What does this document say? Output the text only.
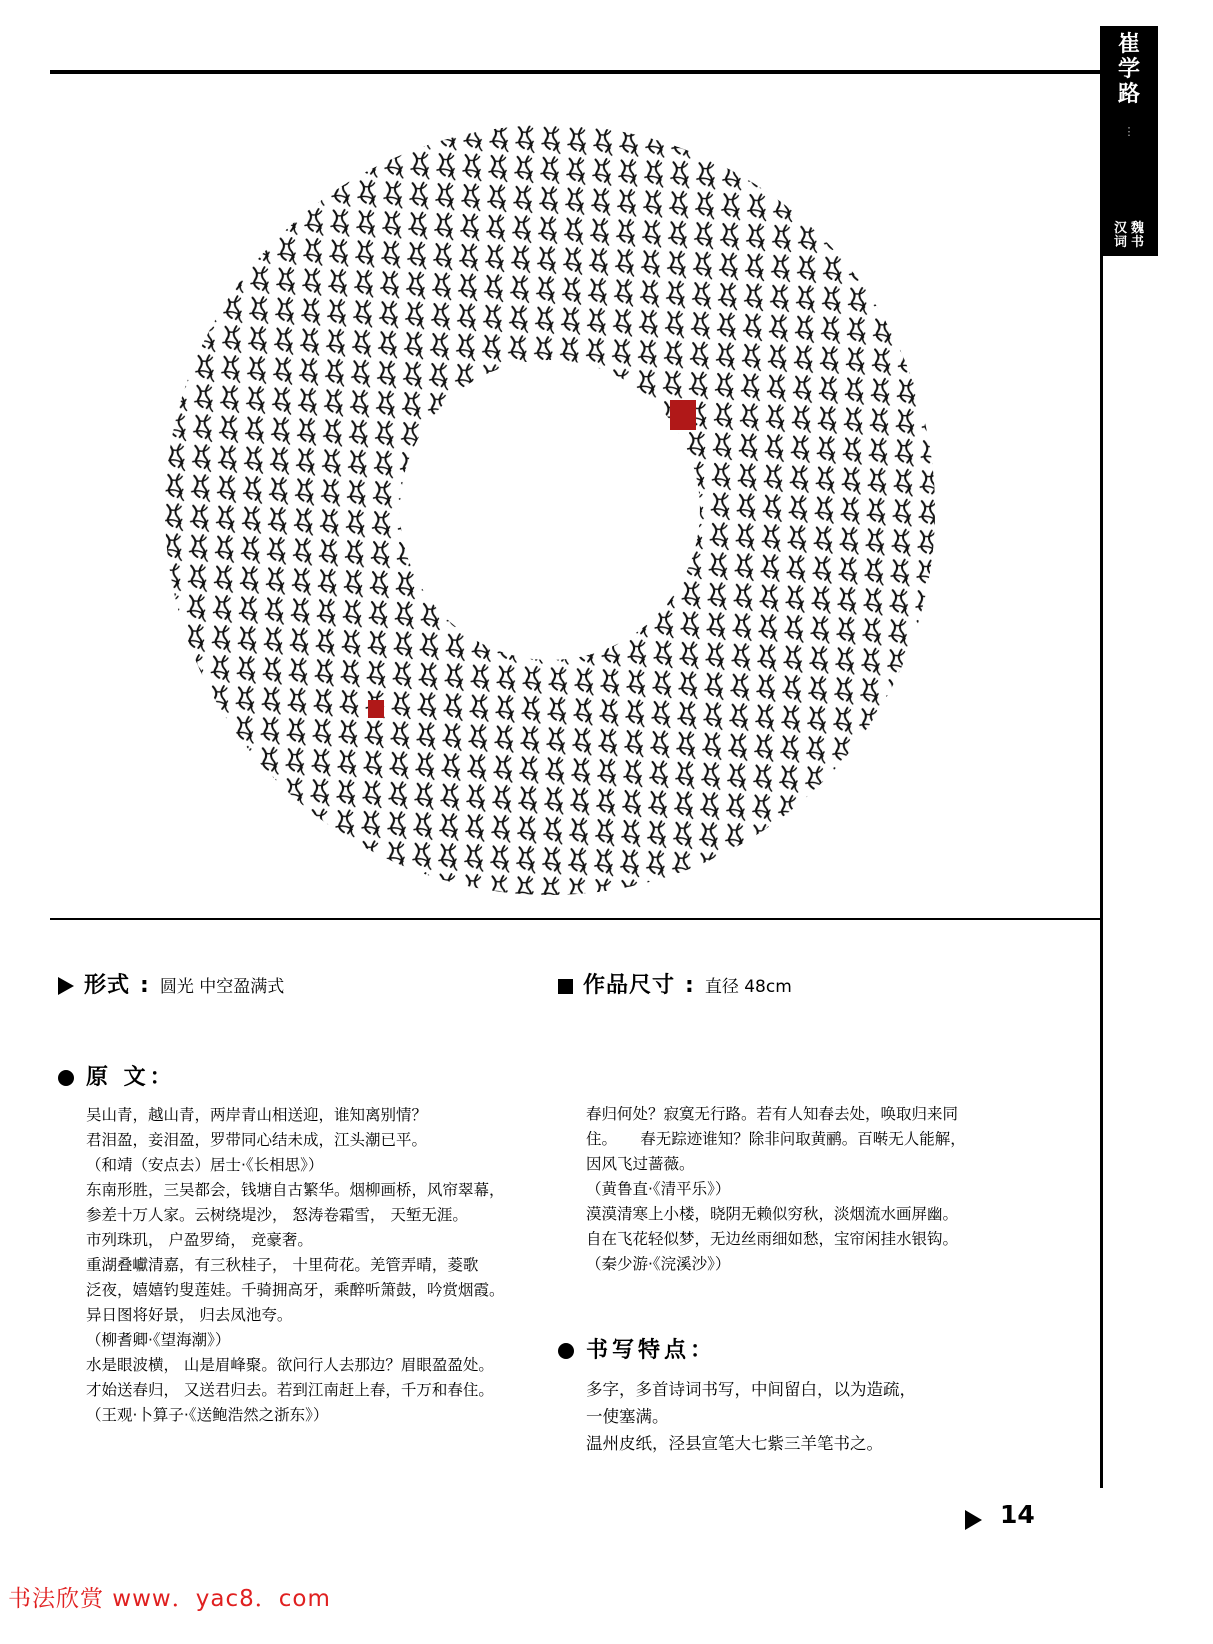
崔
学
路
⋮
魏书
汉词
形式 : 圆光 中空盈满式	作品尺寸 : 直径 48cm
原 文：

吴山青，越山青，两岸青山相送迎，谁知离别情？

君泪盈，妾泪盈，罗带同心结未成，江头潮已平。

（和靖（安点去）居士·《长相思》）

东南形胜，三吴都会，钱塘自古繁华。烟柳画桥，风帘翠幕，

参差十万人家。云树绕堤沙， 怒涛卷霜雪， 天堑无涯。

市列珠玑， 户盈罗绮， 竞豪奢。

重湖叠巘清嘉，有三秋桂子， 十里荷花。羌管弄晴，菱歌

泛夜，嬉嬉钓叟莲娃。千骑拥高牙，乘醉听箫鼓，吟赏烟霞。

异日图将好景， 归去凤池夸。

（柳耆卿·《望海潮》）

水是眼波横， 山是眉峰聚。欲问行人去那边？眉眼盈盈处。

才始送春归， 又送君归去。若到江南赶上春，千万和春住。

（王观·卜算子·《送鲍浩然之浙东》）

春归何处？寂寞无行路。若有人知春去处，唤取归来同

住。　　春无踪迹谁知？除非问取黄鹂。百啭无人能解，

因风飞过蔷薇。

（黄鲁直·《清平乐》）

漠漠清寒上小楼，晓阴无赖似穷秋，淡烟流水画屏幽。

自在飞花轻似梦，无边丝雨细如愁，宝帘闲挂水银钩。

（秦少游·《浣溪沙》）

书写特点：

多字，多首诗词书写，中间留白，以为造疏，

一使塞满。

温州皮纸，泾县宣笔大七紫三羊笔书之。

14
书法欣赏 www．yac8．com
